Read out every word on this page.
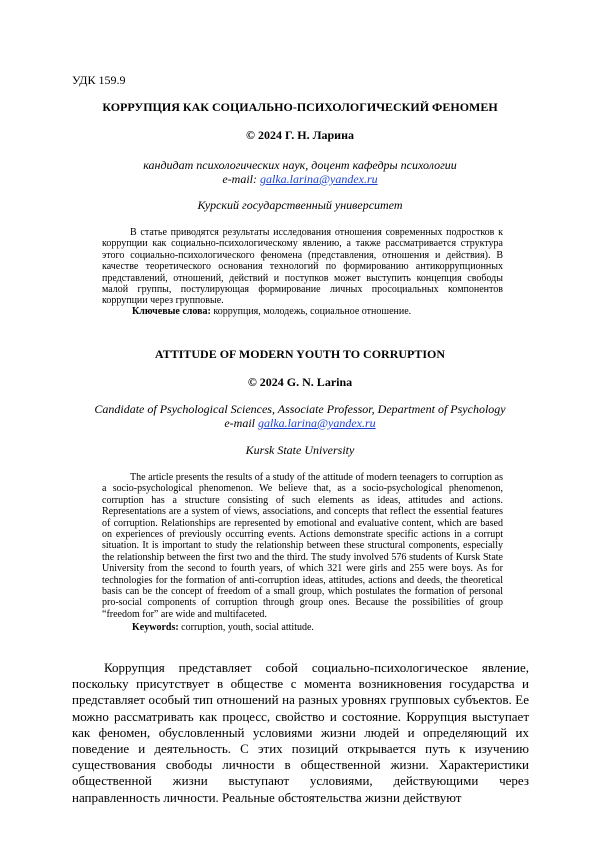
УДК 159.9
КОРРУПЦИЯ КАК СОЦИАЛЬНО-ПСИХОЛОГИЧЕСКИЙ ФЕНОМЕН
© 2024 Г. Н. Ларина
кандидат психологических наук, доцент кафедры психологии
e-mail: galka.larina@yandex.ru
Курский государственный университет

В статье приводятся результаты исследования отношения современных подростков к коррупции как социально-психологическому явлению, а также рассматривается структура этого социально-психологического феномена (представления, отношения и действия). В качестве теоретического основания технологий по формированию антикоррупционных представлений, отношений, действий и поступков может выступить концепция свободы малой группы, постулирующая формирование личных просоциальных компонентов коррупции через групповые.

Ключевые слова: коррупция, молодежь, социальное отношение.
ATTITUDE OF MODERN YOUTH TO CORRUPTION
© 2024 G. N. Larina
Candidate of Psychological Sciences, Associate Professor, Department of Psychology
e-mail galka.larina@yandex.ru
Kursk State University

The article presents the results of a study of the attitude of modern teenagers to corruption as a socio-psychological phenomenon. We believe that, as a socio-psychological phenomenon, corruption has a structure consisting of such elements as ideas, attitudes and actions. Representations are a system of views, associations, and concepts that reflect the essential features of corruption. Relationships are represented by emotional and evaluative content, which are based on experiences of previously occurring events. Actions demonstrate specific actions in a corrupt situation. It is important to study the relationship between these structural components, especially the relationship between the first two and the third. The study involved 576 students of Kursk State University from the second to fourth years, of which 321 were girls and 255 were boys. As for technologies for the formation of anti-corruption ideas, attitudes, actions and deeds, the theoretical basis can be the concept of freedom of a small group, which postulates the formation of personal pro-social components of corruption through group ones. Because the possibilities of group “freedom for” are wide and multifaceted.

Keywords: corruption, youth, social attitude.

Коррупция представляет собой социально-психологическое явление, поскольку присутствует в обществе с момента возникновения государства и представляет особый тип отношений на разных уровнях групповых субъектов. Ее можно рассматривать как процесс, свойство и состояние. Коррупция выступает как феномен, обусловленный условиями жизни людей и определяющий их поведение и деятельность. С этих позиций открывается путь к изучению существования свободы личности в общественной жизни. Характеристики общественной жизни выступают условиями, действующими через направленность личности. Реальные обстоятельства жизни действуют
